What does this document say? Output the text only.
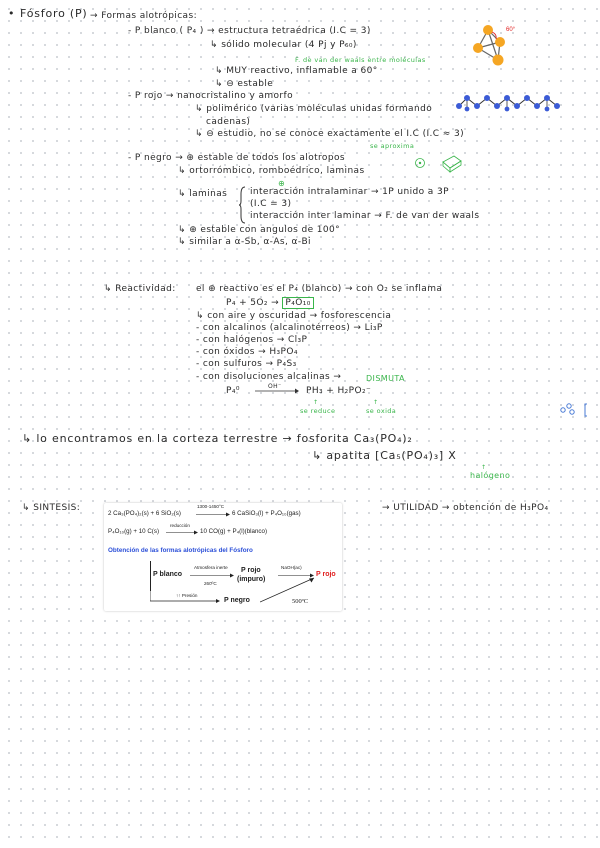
• Fósforo (P) → Formas alotrópicas:
- P blanco ( P₄ ) → estructura tetraédrica (I.C = 3)
↳ sólido molecular (4 Pj y P₆₀)
F. de van der waals entre moléculas
↳ MUY reactivo, inflamable a 60°
↳ ⊖ estable
60°
- P rojo → nanocristalino y amorfo
↳ polimérico (varias moléculas unidas formando
cadenas)
↳ ⊖ estudio, no se conoce exactamente el I.C (I.C ≈ 3)
se aproxima
- P negro → ⊕ estable de todos los alotropos
↳ ortorrómbico, romboédrico, laminas
⊕
↳ laminas	interacción intralaminar → 1P unido a 3P
(I.C = 3)
interacción inter laminar → F. de van der waals
↳ ⊕ estable con angulos de 100°
↳ similar a α-Sb, α-As, α-Bi
↳ Reactividad: el ⊕ reactivo es el P₄ (blanco) → con O₂ se inflama
P₄ + 5O₂ → P₄O₁₀
↳ con aire y oscuridad → fosforescencia
- con alcalinos (alcalinotérreos) → Li₃P
- con halógenos → Cl₃P
- con óxidos → H₃PO₄
- con sulfuros → P₄S₃
- con disoluciones alcalinas →	DISMUTA
P₄⁰	OH⁻	PH₃ + H₂PO₂⁻
↑	↑
se reduce	se oxida
↳ lo encontramos en la corteza terrestre → fosforita Ca₃(PO₄)₂
↳ apatita [Ca₅(PO₄)₃] X
↑
halógeno
↳ SINTESIS:	→ UTILIDAD → obtención de H₃PO₄
2 Ca₃(PO₄)₂(s) + 6 SiO₂(s)
1300-1450°C
6 CaSiO₃(l) + P₄O₁₀(gas)
P₄O₁₀(g) + 10 C(s)
reducción
10 CO(g) + P₄(l)(blanco)
Obtención de las formas alotrópicas del Fósforo
P blanco
Atmosfera inerte
260ºC
P rojo
(impuro)
NaOH(ac)
P rojo
↑↑ Presión
P negro	500ºC
